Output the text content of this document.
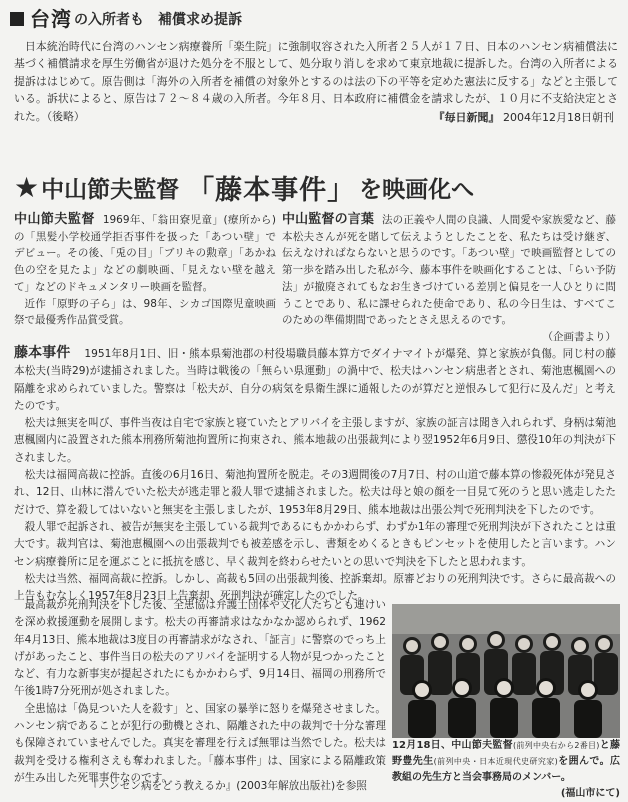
台湾 の入所者も 補償求め提訴
日本統治時代に台湾のハンセン病療養所「楽生院」に強制収容された入所者２５人が１７日、日本のハンセン病補償法に基づく補償請求を厚生労働省が退けた処分を不服として、処分取り消しを求めて東京地裁に提訴した。台湾の入所者による提訴ははじめて。原告側は「海外の入所者を補償の対象外とするのは法の下の平等を定めた憲法に反する」などと主張している。訴状によると、原告は７２～８４歳の入所者。今年８月、日本政府に補償金を請求したが、１０月に不支給決定とされた。（後略）	『毎日新聞』 2004年12月18日朝刊
★ 中山節夫監督 「藤本事件」 を映画化へ
中山節夫監督 1969年、「翁田寮児童」(療所から)の「黒髪小学校通学拒否事件を扱った「あつい壁」でデビュー。その後、「兎の目」「ブリキの勲章」「あかね色の空を見たよ」などの劇映画、「見えない壁を越えて」などのドキュメンタリー映画を監督。
近作「原野の子ら」は、98年、シカゴ国際児童映画祭で最優秀作品賞受賞。
中山監督の言葉 法の正義や人間の良識、人間愛や家族愛など、藤本松夫さんが死を賭して伝えようとしたことを、私たちは受け継ぎ、伝えなければならないと思うのです。「あつい壁」で映画監督としての第一歩を踏み出した私が今、藤本事件を映画化することは、「らい予防法」が撤廃されてもなお生きづけている差別と偏見を一人ひとりに問うことであり、私に課せられた使命であり、私の今日生は、すべてこのための準備期間であったとさえ思えるのです。
（企画書より）

藤本事件 1951年8月1日、旧・熊本県菊池郡の村役場職員藤本算方でダイナマイトが爆発、算と家族が負傷。同じ村の藤本松夫(当時29)が逮捕されました。当時は戦後の「無らい県運動」の渦中で、松夫はハンセン病患者とされ、菊池恵楓園への隔離を求められていました。警察は「松夫が、自分の病気を県衛生課に通報したのが算だと逆恨みして犯行に及んだ」と考えたのです。

松夫は無実を叫び、事件当夜は自宅で家族と寝ていたとアリバイを主張しますが、家族の証言は聞き入れられず、身柄は菊池恵楓園内に設置された熊本刑務所菊池拘置所に拘束され、熊本地裁の出張裁判により翌1952年6月9日、懲役10年の判決が下されました。

松夫は福岡高裁に控訴。直後の6月16日、菊池拘置所を脱走。その3週間後の7月7日、村の山道で藤本算の惨殺死体が発見され、12日、山林に潜んでいた松夫が逃走罪と殺人罪で逮捕されました。松夫は母と娘の顔を一目見て死のうと思い逃走したただけで、算を殺してはいないと無実を主張しましたが、1953年8月29日、熊本地裁は出張公判で死刑判決を下したのです。

殺人罪で起訴され、被告が無実を主張している裁判であるにもかかわらず、わずか1年の審理で死刑判決が下されたことは重大です。裁判官は、菊池恵楓園への出張裁判でも被差感を示し、書類をめくるときもピンセットを使用したと言います。ハンセン病療養所に足を運ぶことに抵抗を感じ、早く裁判を終わらせたいとの思いで判決を下したと思われます。

松夫は当然、福岡高裁に控訴。しかし、高裁も5回の出張裁判後、控訴棄却。原審どおりの死刑判決です。さらに最高裁への上告もむなしく1957年8月23日上告棄却、死刑判決が確定したのでした。

最高裁が死刑判決を下した後、全患協は弁護士団体や文化人たちとも連けいを深め救援運動を展開します。松夫の再審請求はなかなか認められず、1962年4月13日、熊本地裁は3度目の再審請求がなされ、「証言」に警察のでっち上げがあったこと、事件当日の松夫のアリバイを証明する人物が見つかったことなど、有力な新事実が提起されたにもかかわらず、9月14日、福岡の刑務所で午後1時7分死刑が処されました。

全患協は「偽見ついた人を殺す」と、国家の暴挙に怒りを爆発させました。ハンセン病であることが犯行の動機とされ、隔離された中の裁判で十分な審理も保障されていませんでした。真実を審理を行えば無罪は当然でした。松夫は裁判を受ける権利さえも奪われました。「藤本事件」は、国家による隔離政策が生み出した死罪事件なのです。

12月18日、中山節夫監督(前列中央右から2番目)と藤野豊先生(前列中央・日本近現代史研究家)を囲んで。広教組の先生方と当会事務局のメンバー。
(福山市にて)
『ハンセン病をどう教えるか』(2003年解放出版社)を参照
